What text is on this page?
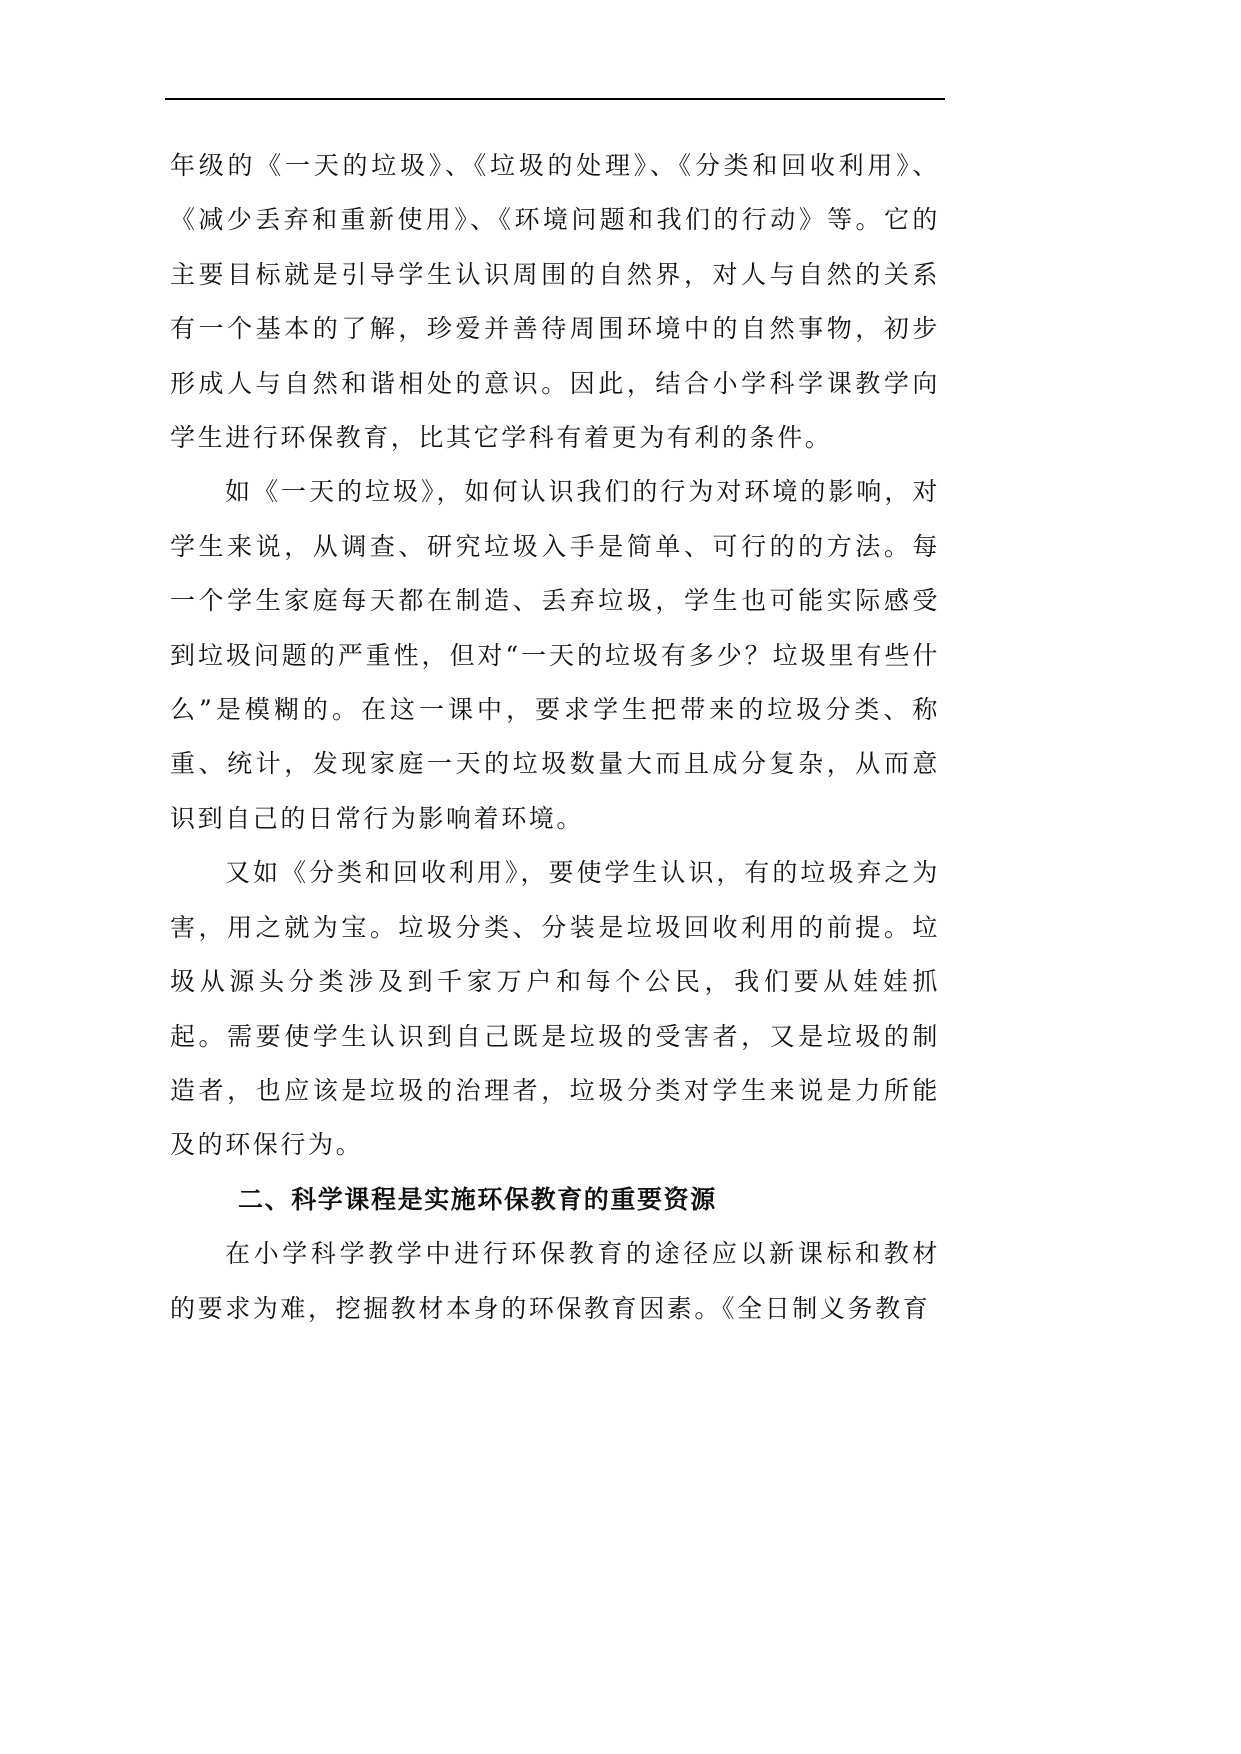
年级的《一天的垃圾》、《垃圾的处理》、《分类和回收利用》、《减少丢弃和重新使用》、《环境问题和我们的行动》等。它的主要目标就是引导学生认识周围的自然界，对人与自然的关系有一个基本的了解，珍爱并善待周围环境中的自然事物，初步形成人与自然和谐相处的意识。因此，结合小学科学课教学向学生进行环保教育，比其它学科有着更为有利的条件。

如《一天的垃圾》，如何认识我们的行为对环境的影响，对学生来说，从调查、研究垃圾入手是简单、可行的的方法。每一个学生家庭每天都在制造、丢弃垃圾，学生也可能实际感受到垃圾问题的严重性，但对“一天的垃圾有多少？垃圾里有些什么”是模糊的。在这一课中，要求学生把带来的垃圾分类、称重、统计，发现家庭一天的垃圾数量大而且成分复杂，从而意识到自己的日常行为影响着环境。

又如《分类和回收利用》，要使学生认识，有的垃圾弃之为害，用之就为宝。垃圾分类、分装是垃圾回收利用的前提。垃圾从源头分类涉及到千家万户和每个公民，我们要从娃娃抓起。需要使学生认识到自己既是垃圾的受害者，又是垃圾的制造者，也应该是垃圾的治理者，垃圾分类对学生来说是力所能及的环保行为。

二、科学课程是实施环保教育的重要资源

在小学科学教学中进行环保教育的途径应以新课标和教材的要求为难，挖掘教材本身的环保教育因素。《全日制义务教育
